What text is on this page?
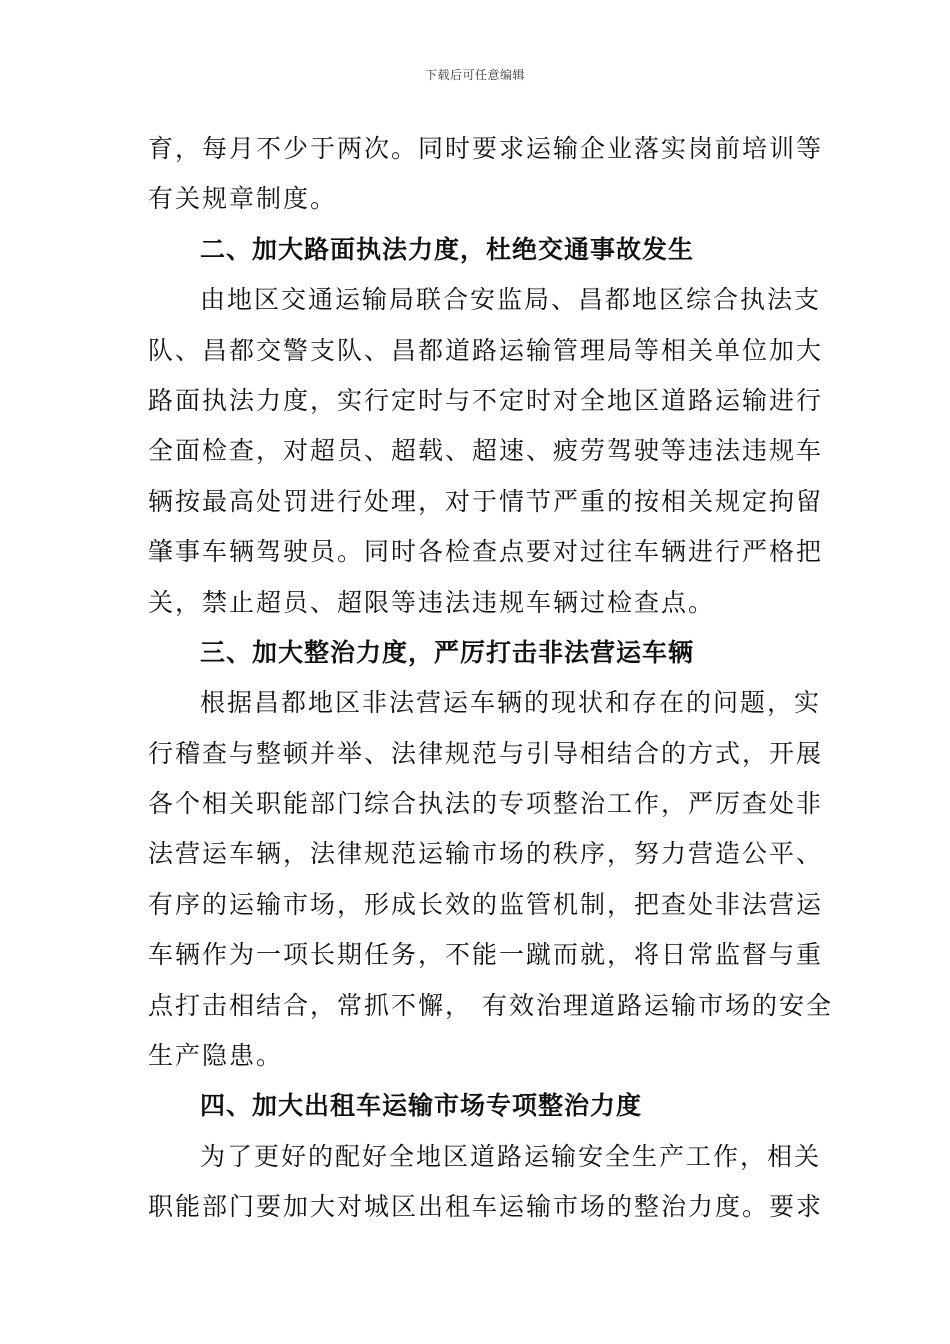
下载后可任意编辑
育，每月不少于两次。同时要求运输企业落实岗前培训等
有关规章制度。
二、加大路面执法力度，杜绝交通事故发生
由地区交通运输局联合安监局、昌都地区综合执法支
队、昌都交警支队、昌都道路运输管理局等相关单位加大
路面执法力度，实行定时与不定时对全地区道路运输进行
全面检查，对超员、超载、超速、疲劳驾驶等违法违规车
辆按最高处罚进行处理，对于情节严重的按相关规定拘留
肇事车辆驾驶员。同时各检查点要对过往车辆进行严格把
关，禁止超员、超限等违法违规车辆过检查点。
三、加大整治力度，严厉打击非法营运车辆
根据昌都地区非法营运车辆的现状和存在的问题，实
行稽查与整顿并举、法律规范与引导相结合的方式，开展
各个相关职能部门综合执法的专项整治工作，严厉查处非
法营运车辆，法律规范运输市场的秩序，努力营造公平、
有序的运输市场，形成长效的监管机制，把查处非法营运
车辆作为一项长期任务，不能一蹴而就，将日常监督与重
点打击相结合，常抓不懈， 有效治理道路运输市场的安全
生产隐患。
四、加大出租车运输市场专项整治力度
为了更好的配好全地区道路运输安全生产工作，相关
职能部门要加大对城区出租车运输市场的整治力度。要求
